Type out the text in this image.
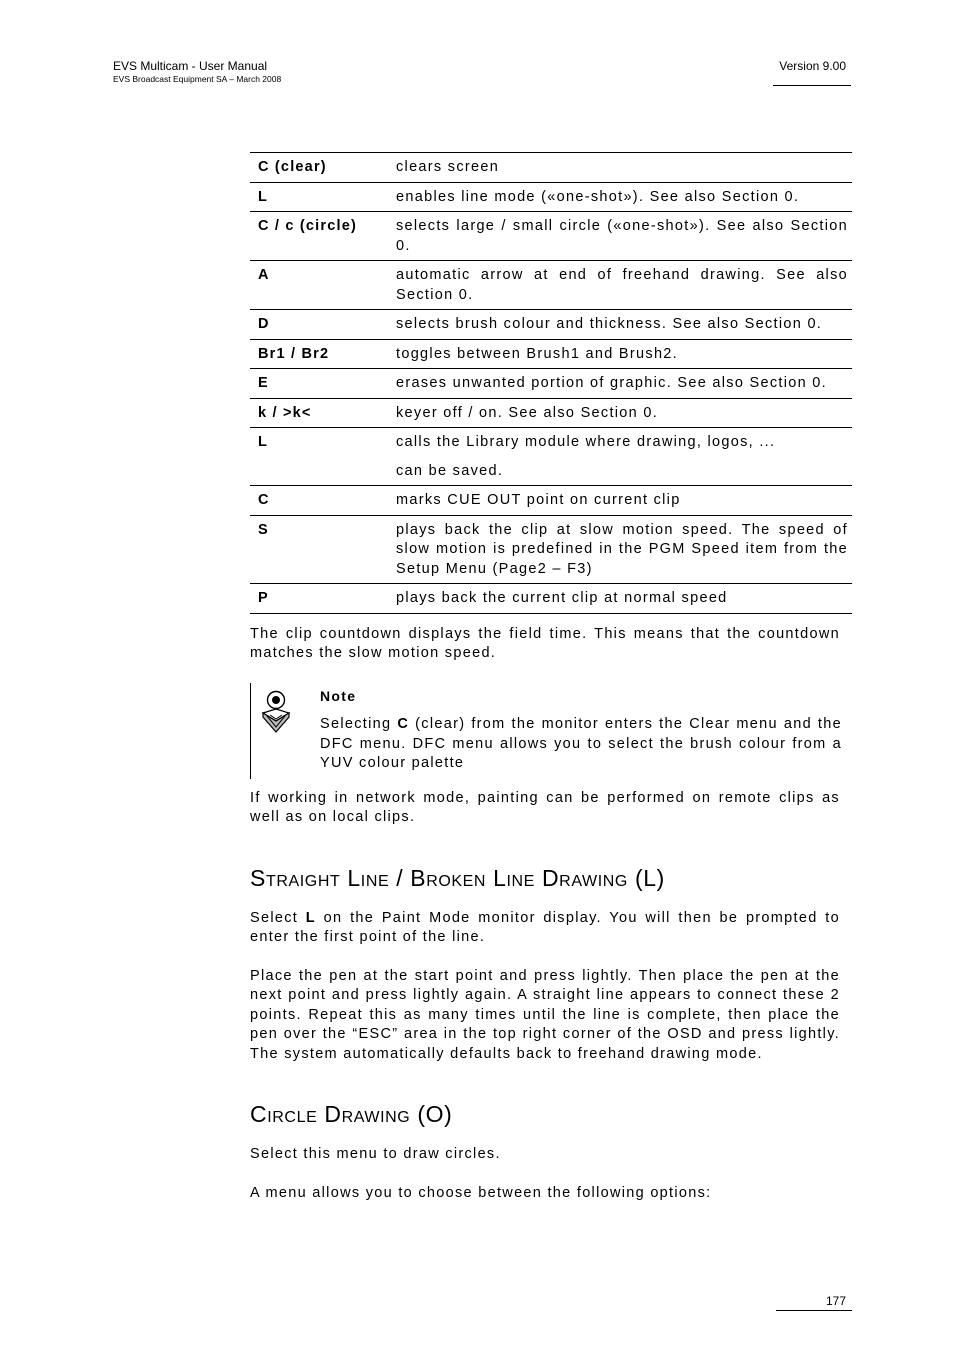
EVS Multicam - User Manual
EVS Broadcast Equipment SA – March 2008
Version 9.00
C (clear)	clears screen

L	enables line mode («one-shot»). See also Section 0.

C / c (circle)	selects large / small circle («one-shot»). See also Section 0.

A	automatic arrow at end of freehand drawing. See also Section 0.

D	selects brush colour and thickness. See also Section 0.

Br1 / Br2	toggles between Brush1 and Brush2.

E	erases unwanted portion of graphic. See also Section 0.

k / >k<	keyer off / on. See also Section 0.

L	calls the Library module where drawing, logos, ...
can be saved.

C	marks CUE OUT point on current clip

S	plays back the clip at slow motion speed. The speed of slow motion is predefined in the PGM Speed item from the Setup Menu (Page2 – F3)

P	plays back the current clip at normal speed

The clip countdown displays the field time. This means that the countdown matches the slow motion speed.

Note
Selecting C (clear) from the monitor enters the Clear menu and the DFC menu. DFC menu allows you to select the brush colour from a YUV colour palette

If working in network mode, painting can be performed on remote clips as well as on local clips.

Straight Line / Broken Line Drawing (L)

Select L on the Paint Mode monitor display. You will then be prompted to enter the first point of the line.

Place the pen at the start point and press lightly. Then place the pen at the next point and press lightly again. A straight line appears to connect these 2 points. Repeat this as many times until the line is complete, then place the pen over the “ESC” area in the top right corner of the OSD and press lightly. The system automatically defaults back to freehand drawing mode.

Circle Drawing (O)

Select this menu to draw circles.

A menu allows you to choose between the following options:

177
